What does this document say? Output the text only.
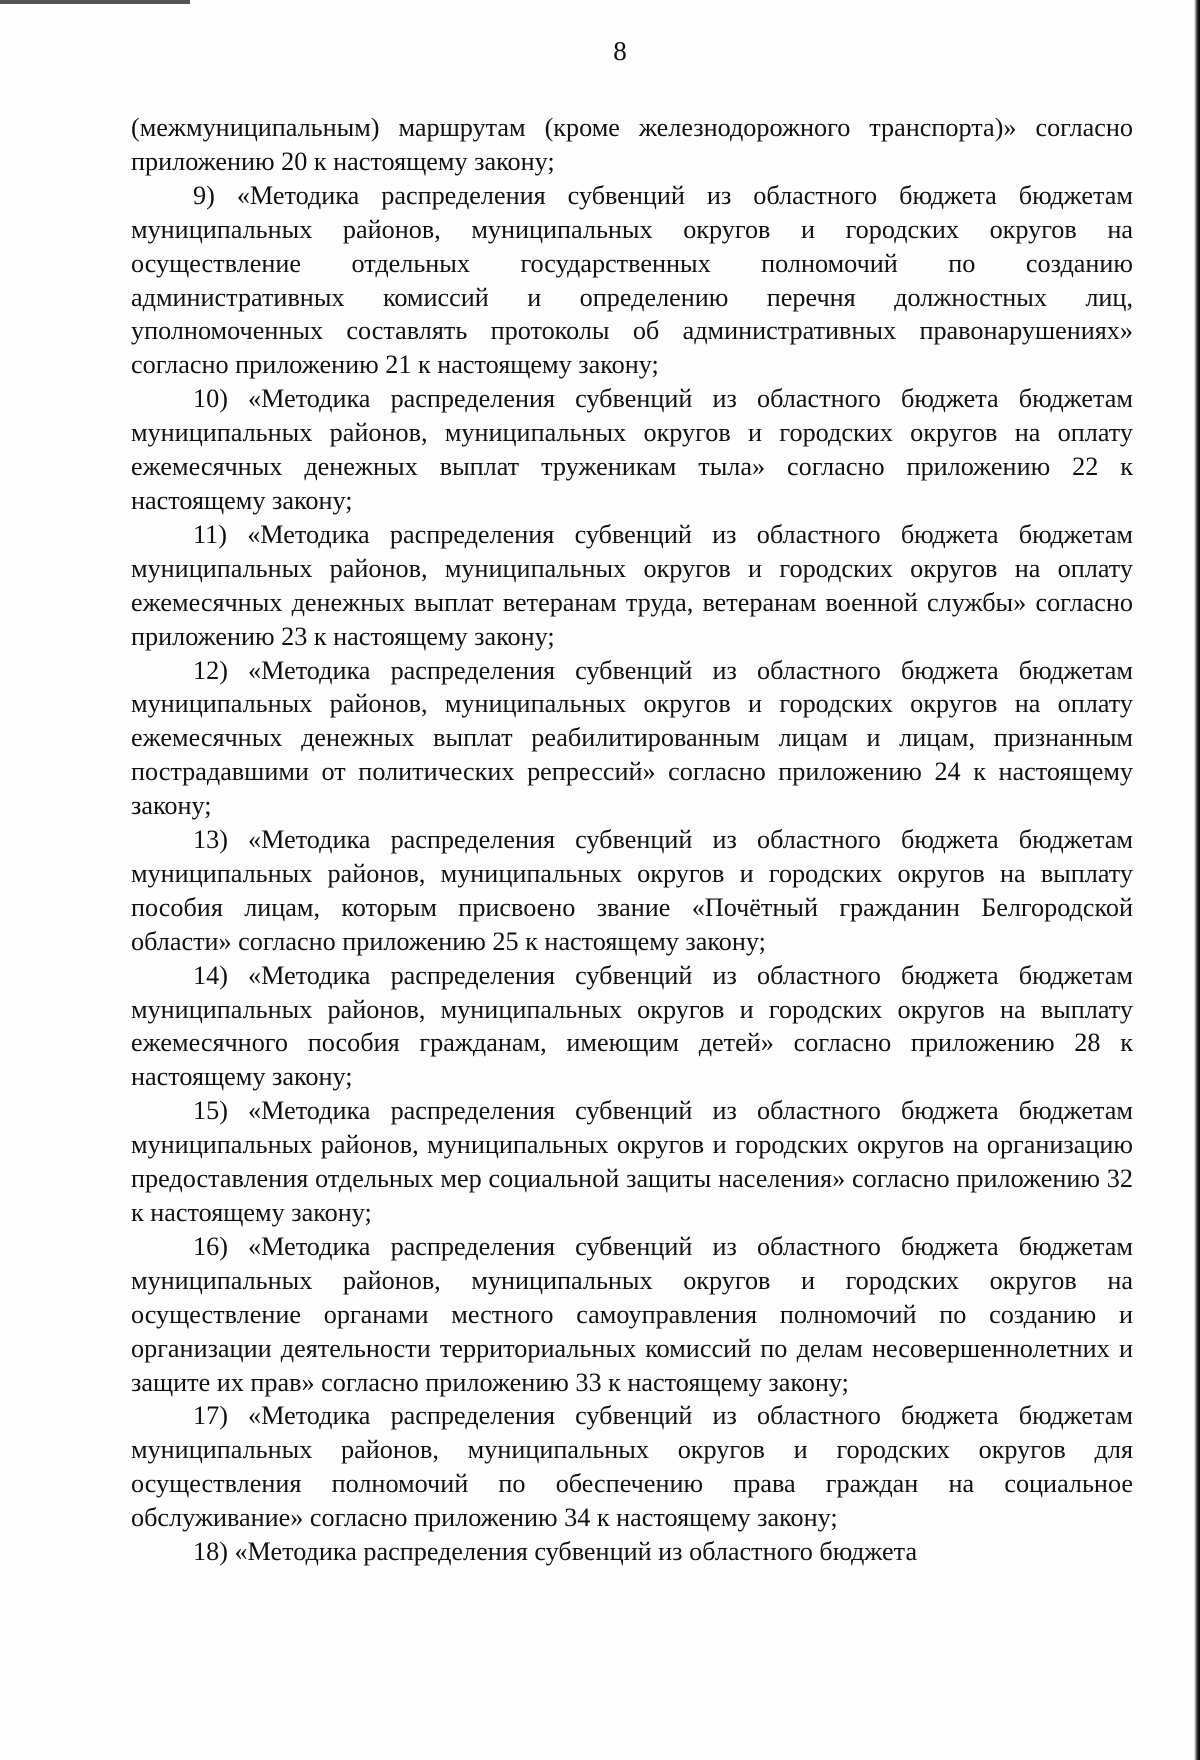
8

(межмуниципальным) маршрутам (кроме железнодорожного транспорта)» согласно приложению 20 к настоящему закону;

9) «Методика распределения субвенций из областного бюджета бюджетам муниципальных районов, муниципальных округов и городских округов на осуществление отдельных государственных полномочий по созданию административных комиссий и определению перечня должностных лиц, уполномоченных составлять протоколы об административных правонарушениях» согласно приложению 21 к настоящему закону;

10) «Методика распределения субвенций из областного бюджета бюджетам муниципальных районов, муниципальных округов и городских округов на оплату ежемесячных денежных выплат труженикам тыла» согласно приложению 22 к настоящему закону;

11) «Методика распределения субвенций из областного бюджета бюджетам муниципальных районов, муниципальных округов и городских округов на оплату ежемесячных денежных выплат ветеранам труда, ветеранам военной службы» согласно приложению 23 к настоящему закону;

12) «Методика распределения субвенций из областного бюджета бюджетам муниципальных районов, муниципальных округов и городских округов на оплату ежемесячных денежных выплат реабилитированным лицам и лицам, признанным пострадавшими от политических репрессий» согласно приложению 24 к настоящему закону;

13) «Методика распределения субвенций из областного бюджета бюджетам муниципальных районов, муниципальных округов и городских округов на выплату пособия лицам, которым присвоено звание «Почётный гражданин Белгородской области» согласно приложению 25 к настоящему закону;

14) «Методика распределения субвенций из областного бюджета бюджетам муниципальных районов, муниципальных округов и городских округов на выплату ежемесячного пособия гражданам, имеющим детей» согласно приложению 28 к настоящему закону;

15) «Методика распределения субвенций из областного бюджета бюджетам муниципальных районов, муниципальных округов и городских округов на организацию предоставления отдельных мер социальной защиты населения» согласно приложению 32 к настоящему закону;

16) «Методика распределения субвенций из областного бюджета бюджетам муниципальных районов, муниципальных округов и городских округов на осуществление органами местного самоуправления полномочий по созданию и организации деятельности территориальных комиссий по делам несовершеннолетних и защите их прав» согласно приложению 33 к настоящему закону;

17) «Методика распределения субвенций из областного бюджета бюджетам муниципальных районов, муниципальных округов и городских округов для осуществления полномочий по обеспечению права граждан на социальное обслуживание» согласно приложению 34 к настоящему закону;

18) «Методика распределения субвенций из областного бюджета
